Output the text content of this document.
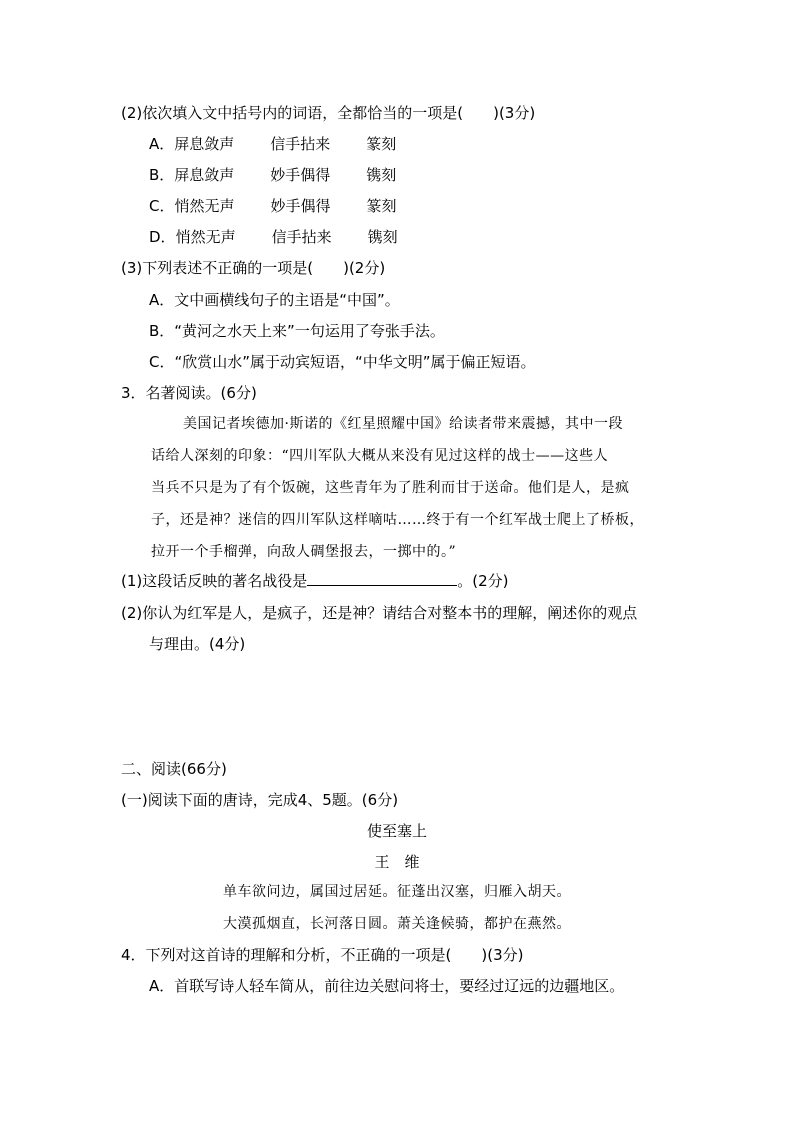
(2)依次填入文中括号内的词语，全都恰当的一项是(　　)(3分)
A．屏息敛声 信手拈来 篆刻
B．屏息敛声 妙手偶得 镌刻
C．悄然无声 妙手偶得 篆刻
D．悄然无声 信手拈来 镌刻
(3)下列表述不正确的一项是(　　)(2分)
A．文中画横线句子的主语是“中国”。
B．“黄河之水天上来”一句运用了夸张手法。
C．“欣赏山水”属于动宾短语，“中华文明”属于偏正短语。
3．名著阅读。(6分)
美国记者埃德加·斯诺的《红星照耀中国》给读者带来震撼，其中一段
话给人深刻的印象：“四川军队大概从来没有见过这样的战士——这些人
当兵不只是为了有个饭碗，这些青年为了胜利而甘于送命。他们是人，是疯
子，还是神？迷信的四川军队这样嘀咕……终于有一个红军战士爬上了桥板，
拉开一个手榴弹，向敌人碉堡报去，一掷中的。”
(1)这段话反映的著名战役是	。(2分)
(2)你认为红军是人，是疯子，还是神？请结合对整本书的理解，阐述你的观点
与理由。(4分)
二、阅读(66分)
(一)阅读下面的唐诗，完成4、5题。(6分)
使至塞上
王　维
单车欲问边，属国过居延。征蓬出汉塞，归雁入胡天。
大漠孤烟直，长河落日圆。萧关逢候骑，都护在燕然。
4．下列对这首诗的理解和分析，不正确的一项是(　　)(3分)
A．首联写诗人轻车简从，前往边关慰问将士，要经过辽远的边疆地区。
